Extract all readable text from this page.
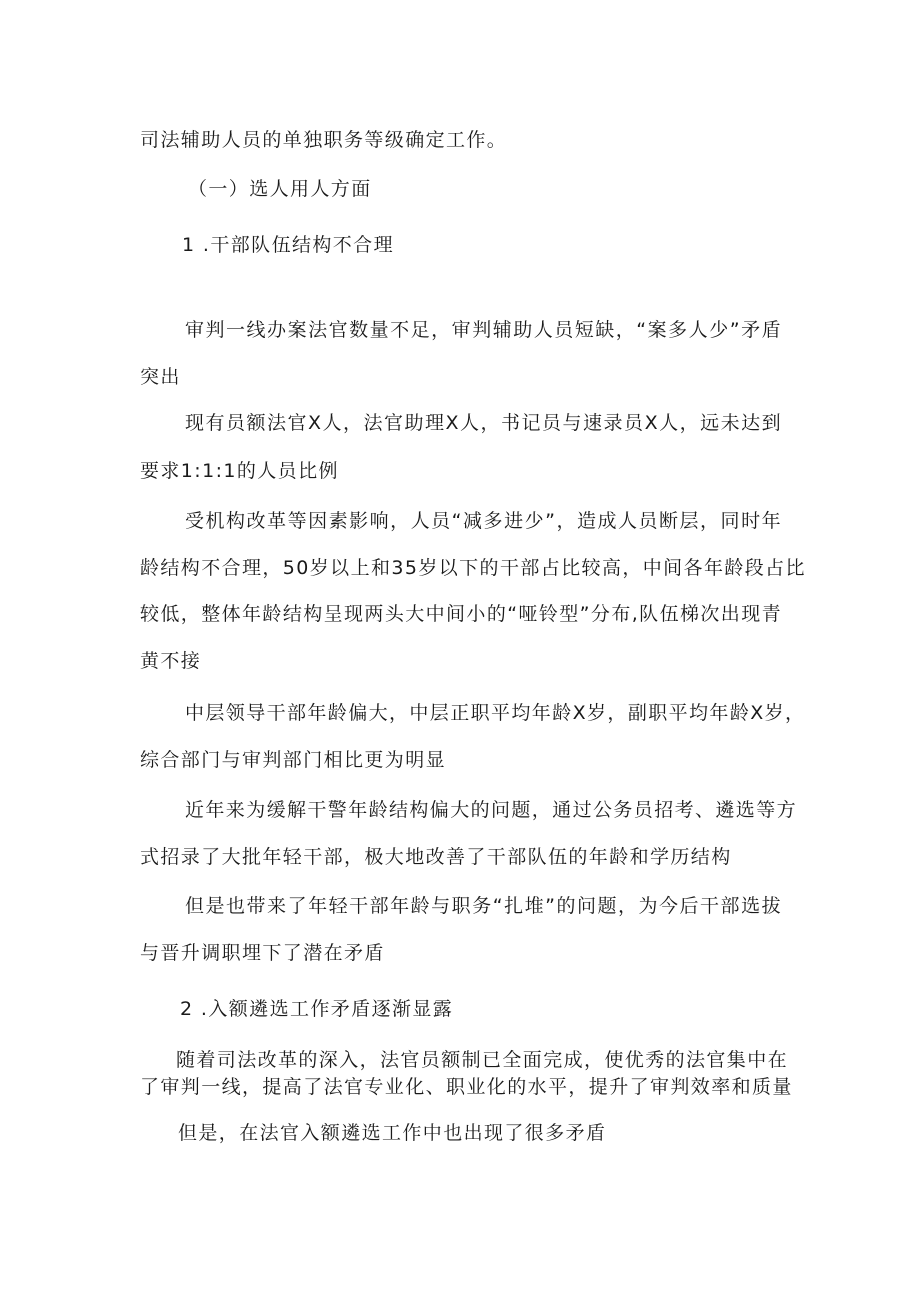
司法辅助人员的单独职务等级确定工作。
（一）选人用人方面
1 .干部队伍结构不合理
审判一线办案法官数量不足，审判辅助人员短缺，“案多人少”矛盾
突出
现有员额法官X人，法官助理X人，书记员与速录员X人，远未达到
要求1:1:1的人员比例
受机构改革等因素影响，人员“减多进少”，造成人员断层，同时年
龄结构不合理，50岁以上和35岁以下的干部占比较高，中间各年龄段占比
较低，整体年龄结构呈现两头大中间小的“哑铃型”分布,队伍梯次出现青
黄不接
中层领导干部年龄偏大，中层正职平均年龄X岁，副职平均年龄X岁，
综合部门与审判部门相比更为明显
近年来为缓解干警年龄结构偏大的问题，通过公务员招考、遴选等方
式招录了大批年轻干部，极大地改善了干部队伍的年龄和学历结构
但是也带来了年轻干部年龄与职务“扎堆”的问题，为今后干部选拔
与晋升调职埋下了潜在矛盾
2 .入额遴选工作矛盾逐渐显露
随着司法改革的深入，法官员额制已全面完成，使优秀的法官集中在
了审判一线，提高了法官专业化、职业化的水平，提升了审判效率和质量
但是，在法官入额遴选工作中也出现了很多矛盾
